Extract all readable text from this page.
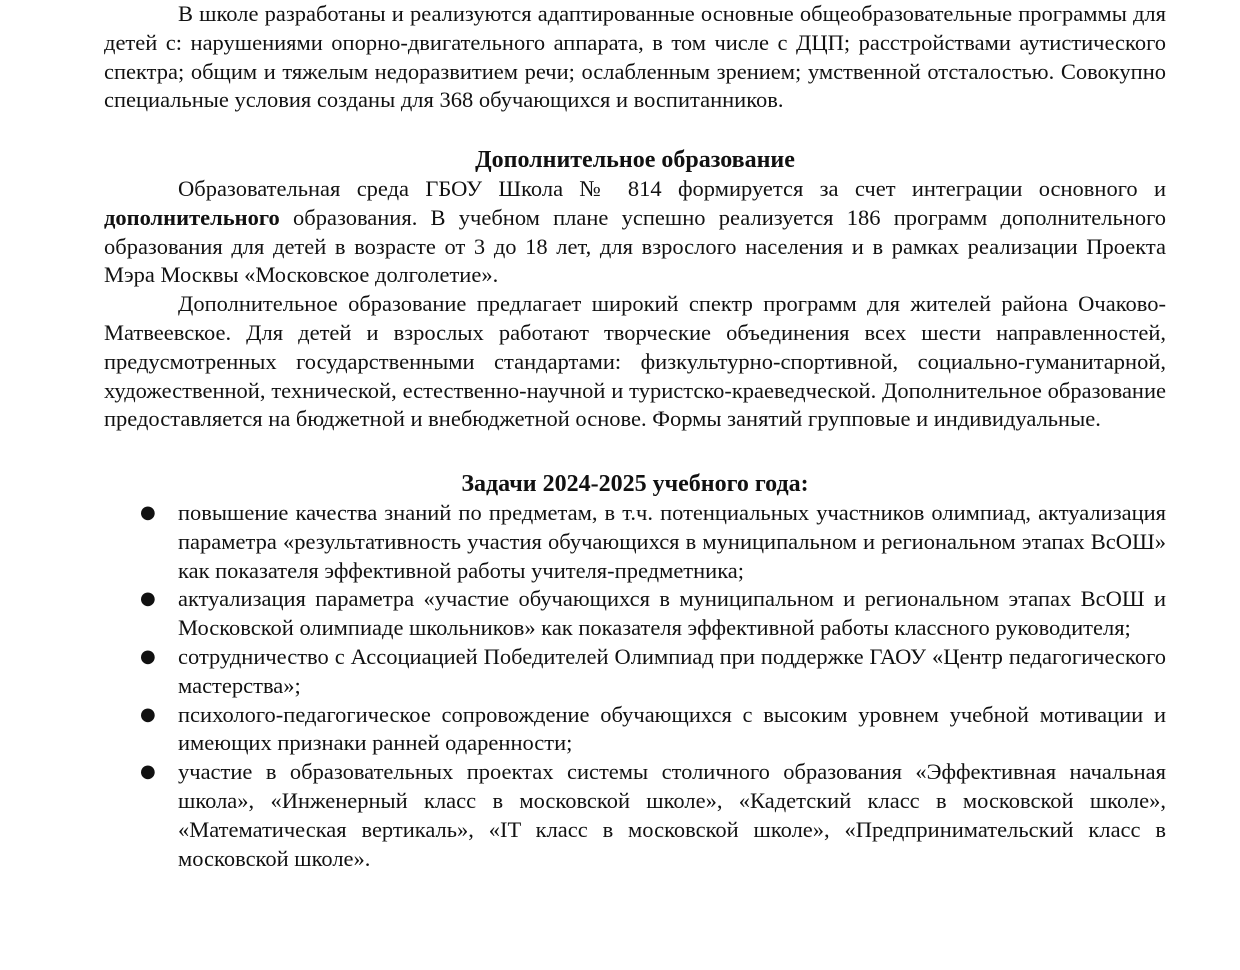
В школе разработаны и реализуются адаптированные основные общеобразовательные программы для детей с: нарушениями опорно-двигательного аппарата, в том числе с ДЦП; расстройствами аутистического спектра; общим и тяжелым недоразвитием речи; ослабленным зрением; умственной отсталостью. Совокупно специальные условия созданы для 368 обучающихся и воспитанников.

Дополнительное образование

Образовательная среда ГБОУ Школа № 814 формируется за счет интеграции основного и дополнительного образования. В учебном плане успешно реализуется 186 программ дополнительного образования для детей в возрасте от 3 до 18 лет, для взрослого населения и в рамках реализации Проекта Мэра Москвы «Московское долголетие».

Дополнительное образование предлагает широкий спектр программ для жителей района Очаково-Матвеевское. Для детей и взрослых работают творческие объединения всех шести направленностей, предусмотренных государственными стандартами: физкультурно-спортивной, социально-гуманитарной, художественной, технической, естественно-научной и туристско-краеведческой. Дополнительное образование предоставляется на бюджетной и внебюджетной основе. Формы занятий групповые и индивидуальные.

Задачи 2024-2025 учебного года:
● повышение качества знаний по предметам, в т.ч. потенциальных участников олимпиад, актуализация параметра «результативность участия обучающихся в муниципальном и региональном этапах ВсОШ» как показателя эффективной работы учителя-предметника;
● актуализация параметра «участие обучающихся в муниципальном и региональном этапах ВсОШ и Московской олимпиаде школьников» как показателя эффективной работы классного руководителя;
● сотрудничество с Ассоциацией Победителей Олимпиад при поддержке ГАОУ «Центр педагогического мастерства»;
● психолого-педагогическое сопровождение обучающихся с высоким уровнем учебной мотивации и имеющих признаки ранней одаренности;
● участие в образовательных проектах системы столичного образования «Эффективная начальная школа», «Инженерный класс в московской школе», «Кадетский класс в московской школе», «Математическая вертикаль», «IT класс в московской школе», «Предпринимательский класс в московской школе».
